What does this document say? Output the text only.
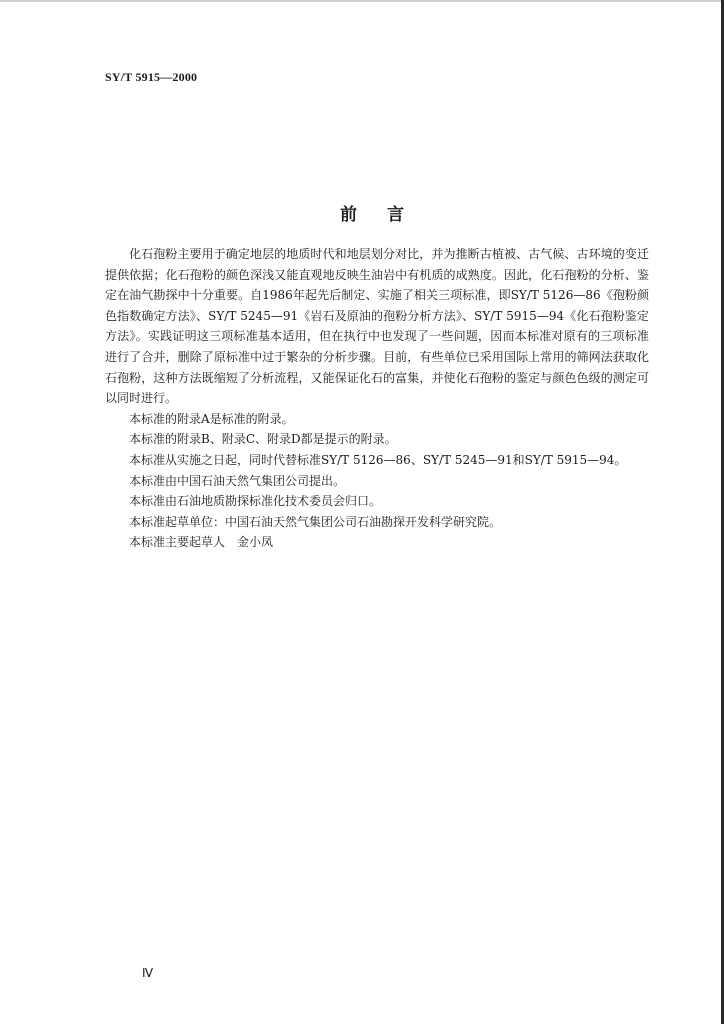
SY/T 5915—2000
前 言

化石孢粉主要用于确定地层的地质时代和地层划分对比，并为推断古植被、古气候、古环境的变迁提供依据；化石孢粉的颜色深浅又能直观地反映生油岩中有机质的成熟度。因此，化石孢粉的分析、鉴定在油气勘探中十分重要。自1986年起先后制定、实施了相关三项标准，即SY/T 5126—86《孢粉颜色指数确定方法》、SY/T 5245—91《岩石及原油的孢粉分析方法》、SY/T 5915—94《化石孢粉鉴定方法》。实践证明这三项标准基本适用，但在执行中也发现了一些问题，因而本标准对原有的三项标准进行了合并，删除了原标准中过于繁杂的分析步骤。目前，有些单位已采用国际上常用的筛网法获取化石孢粉，这种方法既缩短了分析流程，又能保证化石的富集，并使化石孢粉的鉴定与颜色色级的测定可以同时进行。

本标准的附录A是标准的附录。

本标准的附录B、附录C、附录D都是提示的附录。

本标准从实施之日起，同时代替标准SY/T 5126—86、SY/T 5245—91和SY/T 5915—94。

本标准由中国石油天然气集团公司提出。

本标准由石油地质勘探标准化技术委员会归口。

本标准起草单位：中国石油天然气集团公司石油勘探开发科学研究院。

本标准主要起草人　金小凤

Ⅳ
